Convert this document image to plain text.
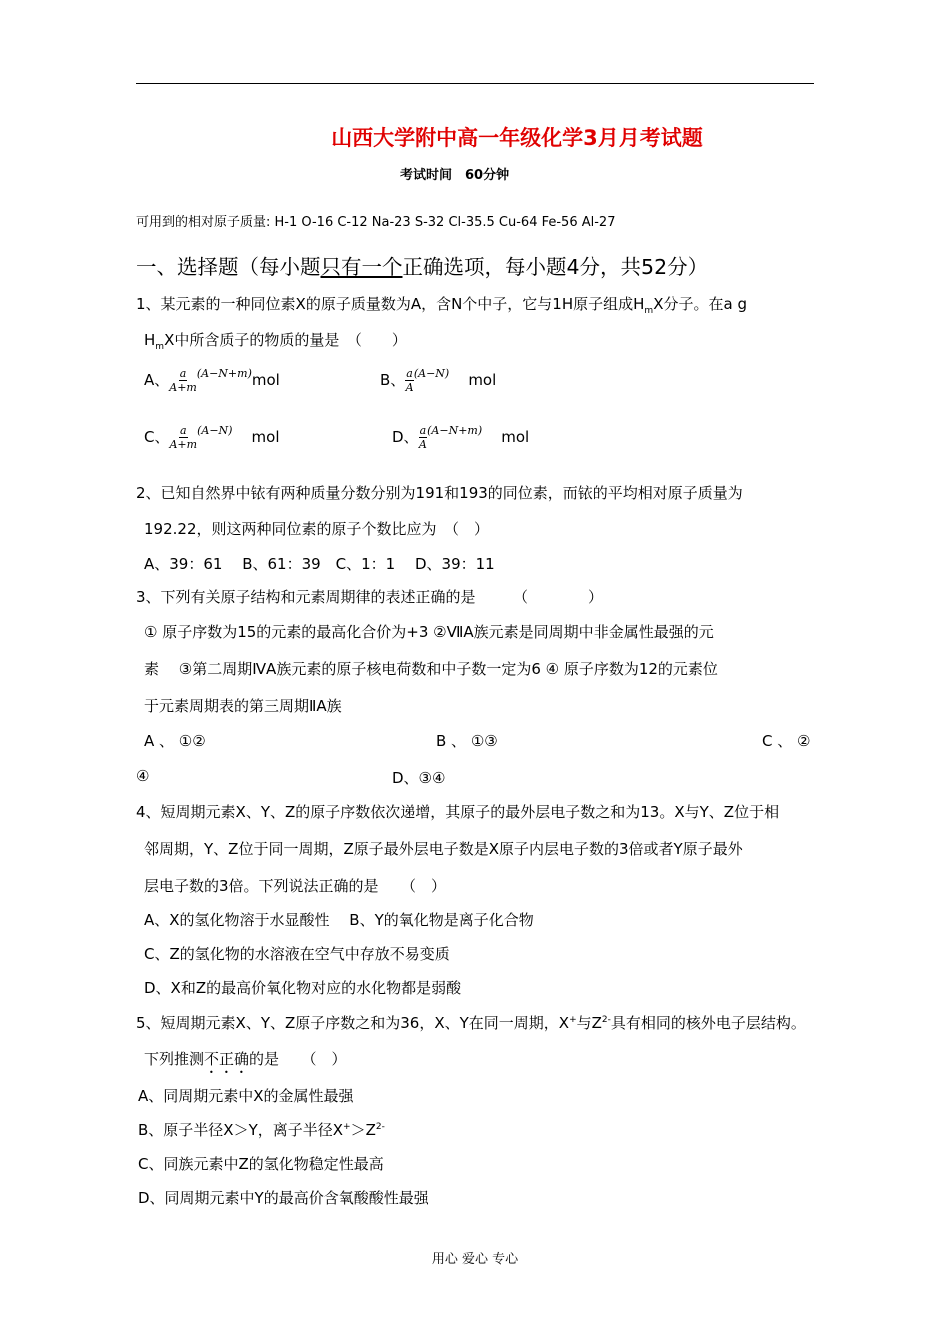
山西大学附中高一年级化学3月月考试题
考试时间　60分钟
可用到的相对原子质量: H-1 O-16 C-12 Na-23 S-32 Cl-35.5 Cu-64 Fe-56 Al-27
一、选择题（每小题只有一个正确选项，每小题4分，共52分）
1、某元素的一种同位素X的原子质量数为A，含N个中子，它与1H原子组成$H_mX$分子。在a g
$H_mX$中所含质子的物质的量是　（　　）
A、 $\frac{a}{A+m} ^{(A-N+m)}mol$	B、 $\frac{a}{A} ^{(A-N)}$ mol
C、 $\frac{a}{A+m} ^{(A-N)}$ mol	D、 $\frac{a}{A} ^{(A-N+m)}$ mol
2、已知自然界中铱有两种质量分数分别为191和193的同位素，而铱的平均相对原子质量为
192.22，则这两种同位素的原子个数比应为　（　）
A、39：61　 B、61：39　C、1：1　 D、39：11
3、下列有关原子结构和元素周期律的表述正确的是　　　（　　　　）
① 原子序数为15的元素的最高化合价为+3 ②ⅦA族元素是同周期中非金属性最强的元
素　 ③第二周期ⅣA族元素的原子核电荷数和中子数一定为6 ④ 原子序数为12的元素位
于元素周期表的第三周期ⅡA族
A 、 ①②	B 、 ①③	C 、 ②
④	D、③④
4、短周期元素X、Y、Z的原子序数依次递增，其原子的最外层电子数之和为13。X与Y、Z位于相
邻周期，Y、Z位于同一周期，Z原子最外层电子数是X原子内层电子数的3倍或者Y原子最外
层电子数的3倍。下列说法正确的是　　（　）
A、X的氢化物溶于水显酸性　 B、Y的氧化物是离子化合物
C、Z的氢化物的水溶液在空气中存放不易变质
D、X和Z的最高价氧化物对应的水化物都是弱酸
5、短周期元素X、Y、Z原子序数之和为36，X、Y在同一周期，X+与$Z^{2-}$具有相同的核外电子层结构。
下列推测不正确的是　　（　）
A、同周期元素中X的金属性最强
B、原子半径X＞Y，离子半径$X^+>Z^{2-}$
C、同族元素中Z的氢化物稳定性最高
D、同周期元素中Y的最高价含氧酸酸性最强
用心 爱心 专心
